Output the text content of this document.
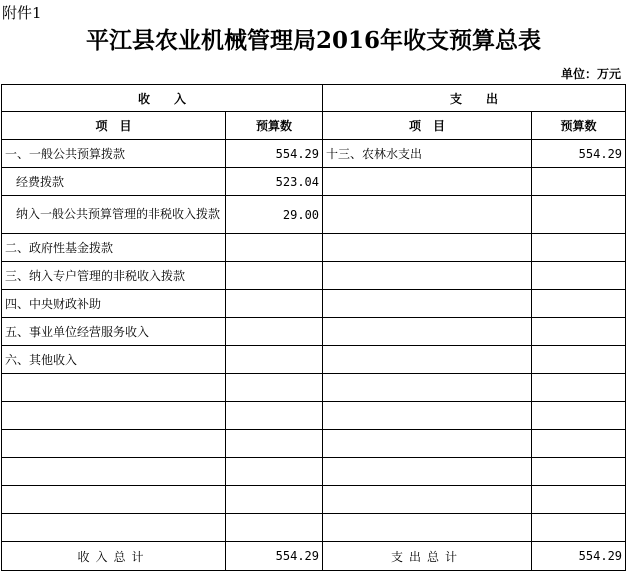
附件1
平江县农业机械管理局2016年收支预算总表
单位：万元
收　　入		支　　出	
项　目	预算数	项　目	预算数
一、一般公共预算拨款	554.29	十三、农林水支出	554.29
经费拨款	523.04		
纳入一般公共预算管理的非税收入拨款	29.00		
二、政府性基金拨款			
三、纳入专户管理的非税收入拨款			
四、中央财政补助			
五、事业单位经营服务收入			
六、其他收入			

收入总计	554.29	支出总计	554.29
